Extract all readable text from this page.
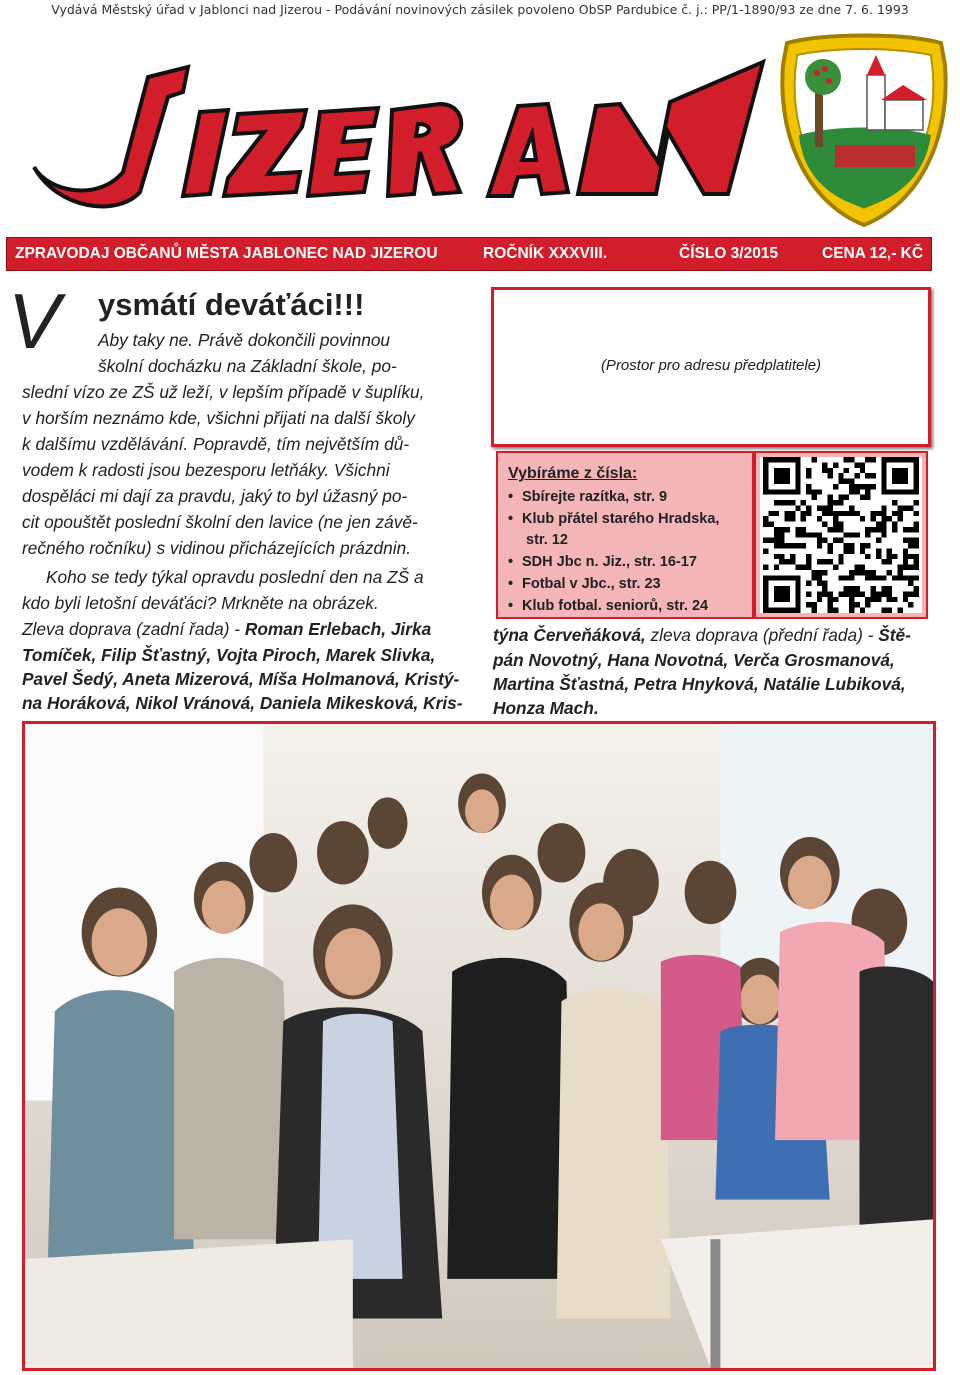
Vydává Městský úřad v Jablonci nad Jizerou - Podávání novinových zásilek povoleno ObSP Pardubice č. j.: PP/1-1890/93 ze dne 7. 6. 1993
ZPRAVODAJ OBČANŮ MĚSTA JABLONEC NAD JIZEROU	ROČNÍK XXXVIII.	ČÍSLO 3/2015	CENA 12,- KČ
V ysmátí deváťáci!!!
Aby taky ne. Právě dokončili povinnou
školní docházku na Základní škole, po-
slední vízo ze ZŠ už leží, v lepším případě v šuplíku,
v horším neznámo kde, všichni přijati na další školy
k dalšímu vzdělávání. Popravdě, tím největším dů-
vodem k radosti jsou bezesporu letňáky. Všichni
dospěláci mi dají za pravdu, jaký to byl úžasný po-
cit opouštět poslední školní den lavice (ne jen závě-
rečného ročníku) s vidinou přicházejících prázdnin.
Koho se tedy týkal opravdu poslední den na ZŠ a
kdo byli letošní deváťáci? Mrkněte na obrázek.
Zleva doprava (zadní řada) - Roman Erlebach, Jirka
Tomíček, Filip Šťastný, Vojta Piroch, Marek Slivka,
Pavel Šedý, Aneta Mizerová, Míša Holmanová, Kristý-
na Horáková, Nikol Vránová, Daniela Mikesková, Kris-
(Prostor pro adresu předplatitele)
Vybíráme z čísla:
• Sbírejte razítka, str. 9
• Klub přátel starého Hradska,
str. 12
• SDH Jbc n. Jiz., str. 16-17
• Fotbal v Jbc., str. 23
• Klub fotbal. seniorů, str. 24
týna Červeňáková, zleva doprava (přední řada) - Ště-
pán Novotný, Hana Novotná, Verča Grosmanová,
Martina Šťastná, Petra Hnyková, Natálie Lubiková,
Honza Mach.
